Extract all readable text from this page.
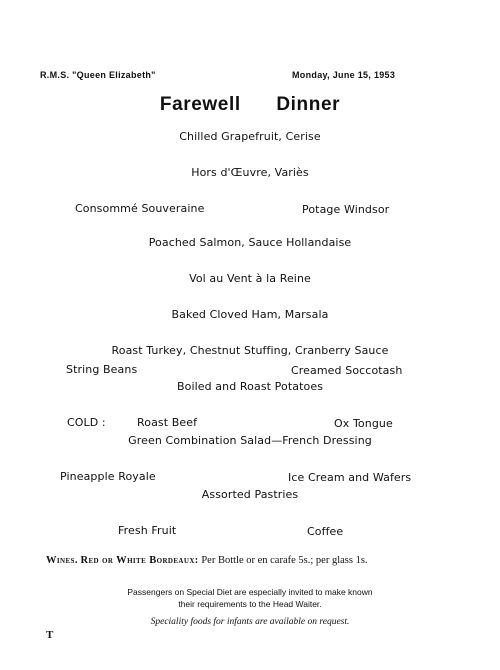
R.M.S. "Queen Elizabeth"	Monday, June 15, 1953
Farewell   Dinner
Chilled Grapefruit, Cerise
Hors d'Œuvre, Variès
Consommé Souveraine	Potage Windsor
Poached Salmon, Sauce Hollandaise
Vol au Vent à la Reine
Baked Cloved Ham, Marsala
Roast Turkey, Chestnut Stuffing, Cranberry Sauce
String Beans	Creamed Soccotash
Boiled and Roast Potatoes
COLD :	Roast Beef	Ox Tongue
Green Combination Salad—French Dressing
Pineapple Royale	Ice Cream and Wafers
Assorted Pastries
Fresh Fruit	Coffee
Wines. Red or White Bordeaux: Per Bottle or en carafe 5s.; per glass 1s.
Passengers on Special Diet are especially invited to make known
their requirements to the Head Waiter.
Speciality foods for infants are available on request.
T
